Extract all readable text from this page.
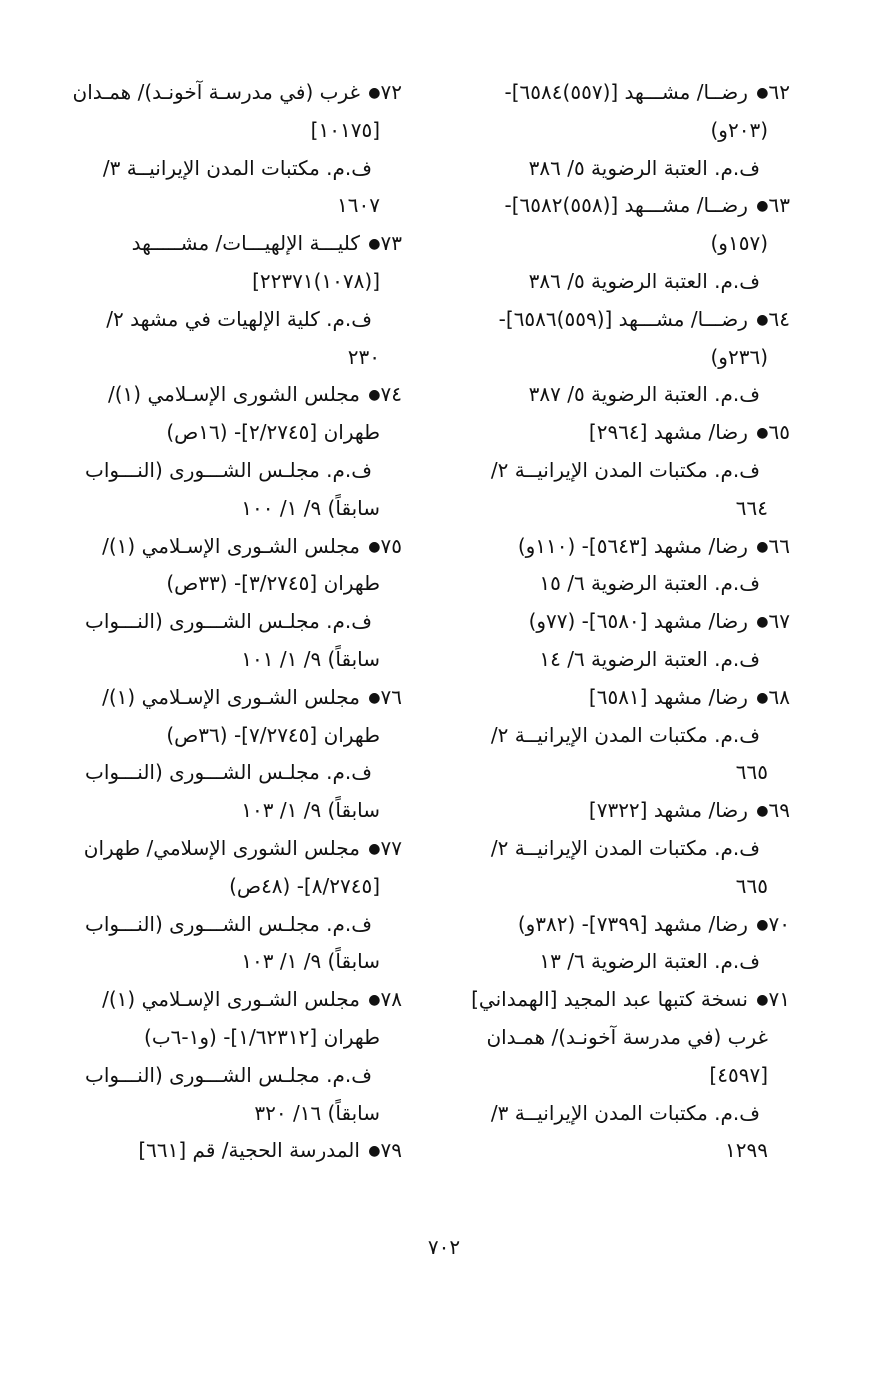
٦٢● رضــا/ مشـــهد [(٥٥٧)٦٥٨٤]-
(٢٠٣و)
ف.م. العتبة الرضوية ٥/ ٣٨٦
٦٣● رضــا/ مشـــهد [(٥٥٨)٦٥٨٢]-
(١٥٧و)
ف.م. العتبة الرضوية ٥/ ٣٨٦
٦٤● رضـــا/ مشـــهد [(٥٥٩)٦٥٨٦]-
(٢٣٦و)
ف.م. العتبة الرضوية ٥/ ٣٨٧
٦٥● رضا/ مشهد [٢٩٦٤]
ف.م. مكتبات المدن الإيرانيــة ٢/
٦٦٤
٦٦● رضا/ مشهد [٥٦٤٣]- (١١٠و)
ف.م. العتبة الرضوية ٦/ ١٥
٦٧● رضا/ مشهد [٦٥٨٠]- (٧٧و)
ف.م. العتبة الرضوية ٦/ ١٤
٦٨● رضا/ مشهد [٦٥٨١]
ف.م. مكتبات المدن الإيرانيــة ٢/
٦٦٥
٦٩● رضا/ مشهد [٧٣٢٢]
ف.م. مكتبات المدن الإيرانيــة ٢/
٦٦٥
٧٠● رضا/ مشهد [٧٣٩٩]- (٣٨٢و)
ف.م. العتبة الرضوية ٦/ ١٣
٧١● نسخة كتبها عبد المجيد [الهمداني]
غرب (في مدرسة آخونـد)/ همـدان
[٤٥٩٧]
ف.م. مكتبات المدن الإيرانيــة ٣/
١٢٩٩
٧٢● غرب (في مدرسـة آخونـد)/ همـدان
[١٠١٧٥]
ف.م. مكتبات المدن الإيرانيــة ٣/
١٦٠٧
٧٣● كليـــة الإلهيـــات/ مشـــــهد
[(١٠٧٨)٢٢٣٧١]
ف.م. كلية الإلهيات في مشهد ٢/
٢٣٠
٧٤● مجلس الشورى الإسـلامي (١)/
طهران [٢/٢٧٤٥]- (١٦ص)
ف.م. مجلـس الشـــورى (النـــواب
سابقاً) ٩/ ١/ ١٠٠
٧٥● مجلس الشـورى الإسـلامي (١)/
طهران [٣/٢٧٤٥]- (٣٣ص)
ف.م. مجلـس الشـــورى (النـــواب
سابقاً) ٩/ ١/ ١٠١
٧٦● مجلس الشـورى الإسـلامي (١)/
طهران [٧/٢٧٤٥]- (٣٦ص)
ف.م. مجلـس الشـــورى (النـــواب
سابقاً) ٩/ ١/ ١٠٣
٧٧● مجلس الشورى الإسلامي/ طهران
[٨/٢٧٤٥]- (٤٨ص)
ف.م. مجلـس الشـــورى (النـــواب
سابقاً) ٩/ ١/ ١٠٣
٧٨● مجلس الشـورى الإسـلامي (١)/
طهران [١/٦٢٣١٢]- (و١-٦ب)
ف.م. مجلـس الشـــورى (النـــواب
سابقاً) ١٦/ ٣٢٠
٧٩● المدرسة الحجية/ قم [٦٦١]
٧٠٢
